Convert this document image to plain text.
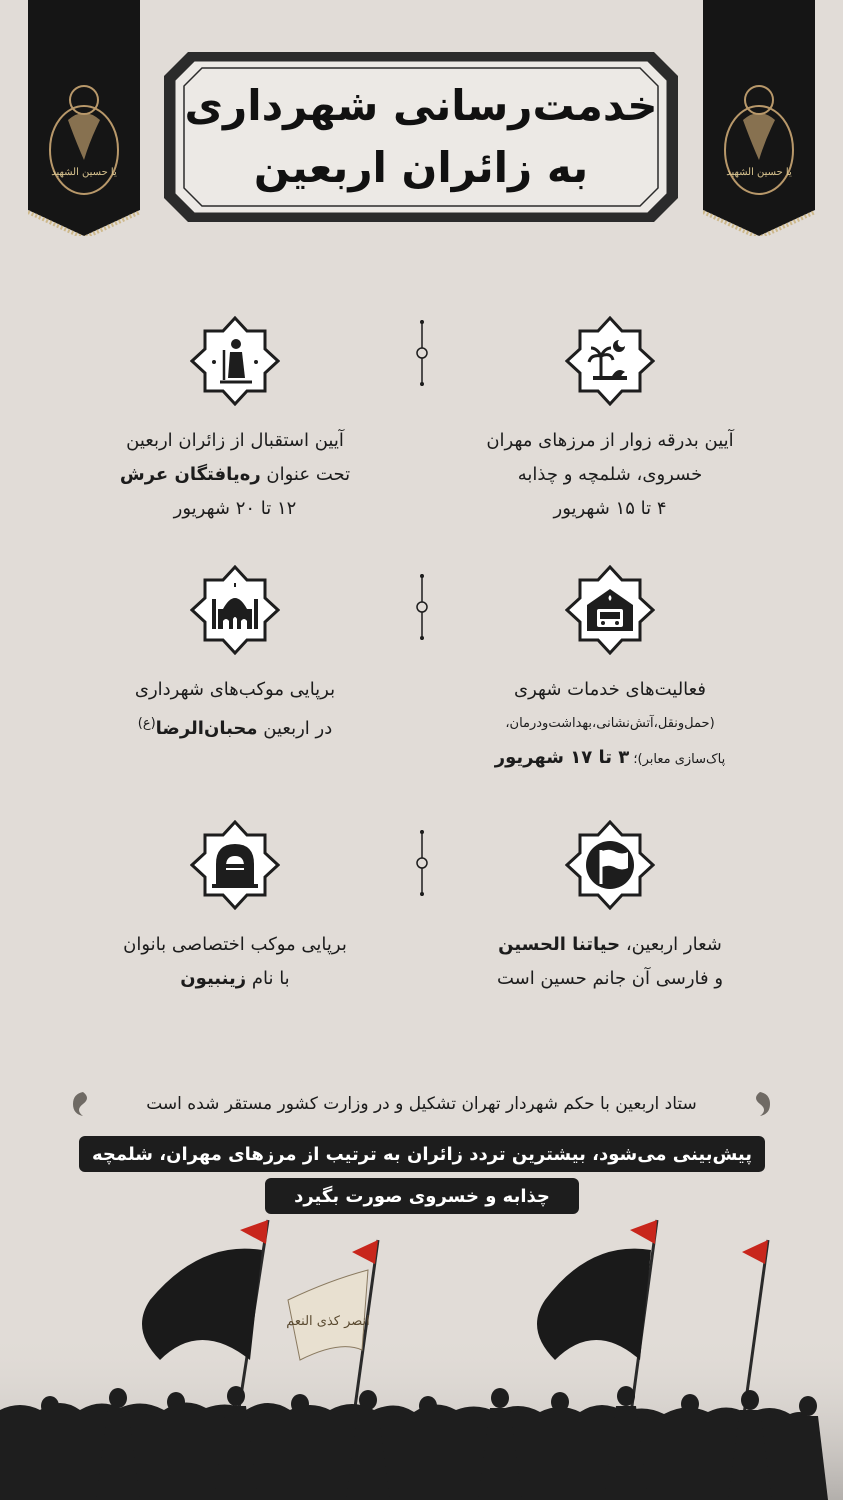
یا حسین الشهید	یا حسین الشهید
خدمت‌رسانی شهرداری
به زائران اربعین
آیین بدرقه زوار از مرزهای مهران
خسروی، شلمچه و چذابه
۴ تا ۱۵ شهریور
آیین استقبال از زائران اربعین
تحت عنوان ره‌یافتگان عرش
۱۲ تا ۲۰ شهریور
فعالیت‌های خدمات شهری
(حمل‌ونقل،آتش‌نشانی،بهداشت‌ودرمان،
پاک‌سازی معابر)؛ ۳ تا ۱۷ شهریور
برپایی موکب‌های شهرداری
در اربعین محبان‌الرضا$^{(ع)}$
شعار اربعین، حیاتنا الحسین
و فارسی آن جانم حسین است
برپایی موکب اختصاصی بانوان
با نام زینبیون
ستاد اربعین با حکم شهردار تهران تشکیل و در وزارت کشور مستقر شده است
پیش‌بینی می‌شود، بیشترین تردد زائران به ترتیب از مرزهای مهران، شلمچه
چذابه و خسروی صورت بگیرد
انصر کذی النعم
